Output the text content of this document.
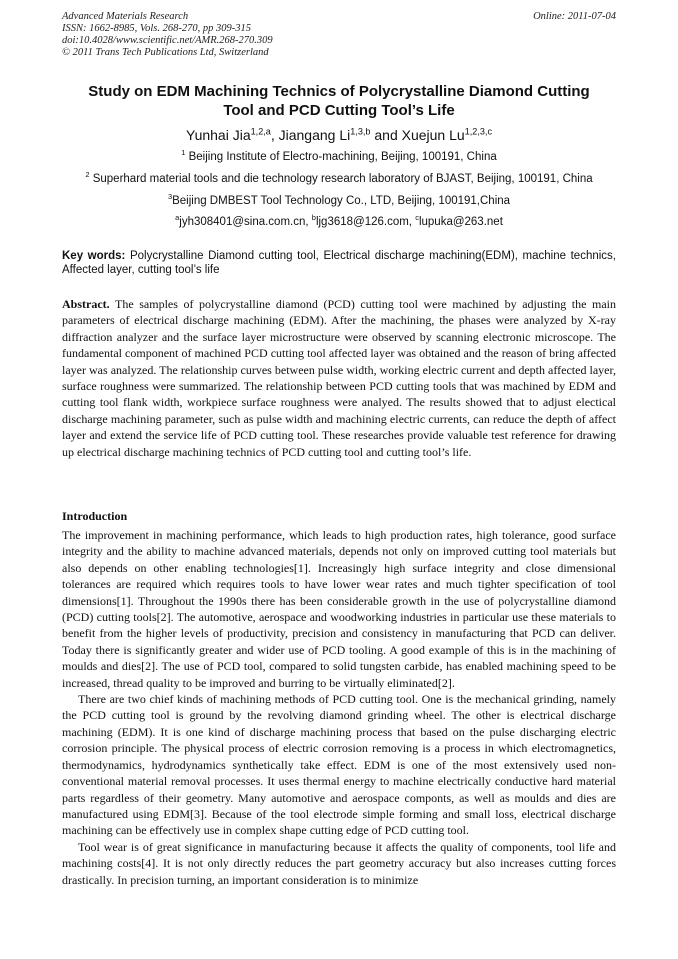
Advanced Materials Research
ISSN: 1662-8985, Vols. 268-270, pp 309-315
doi:10.4028/www.scientific.net/AMR.268-270.309
© 2011 Trans Tech Publications Ltd, Switzerland
Online: 2011-07-04
Study on EDM Machining Technics of Polycrystalline Diamond Cutting
Tool and PCD Cutting Tool’s Life
Yunhai Jia$^{1,2,a}$, Jiangang Li$^{1,3,b}$ and Xuejun Lu$^{1,2,3,c}$
$^1$ Beijing Institute of Electro-machining, Beijing, 100191, China
$^2$ Superhard material tools and die technology research laboratory of BJAST, Beijing, 100191, China
$^3$Beijing DMBEST Tool Technology Co., LTD, Beijing, 100191,China
$^a$jyh308401@sina.com.cn, $^b$ljg3618@126.com, $^c$lupuka@263.net
Key words: Polycrystalline Diamond cutting tool, Electrical discharge machining(EDM), machine technics, Affected layer, cutting tool’s life
Abstract. The samples of polycrystalline diamond (PCD) cutting tool were machined by adjusting the main parameters of electrical discharge machining (EDM). After the machining, the phases were analyzed by X-ray diffraction analyzer and the surface layer microstructure were observed by scanning electronic microscope. The fundamental component of machined PCD cutting tool affected layer was obtained and the reason of bring affected layer was analyzed. The relationship curves between pulse width, working electric current and depth affected layer, surface roughness were summarized. The relationship between PCD cutting tools that was machined by EDM and cutting tool flank width, workpiece surface roughness were analyed. The results showed that to adjust electical discharge machining parameter, such as pulse width and machining electric currents, can reduce the depth of affect layer and extend the service life of PCD cutting tool. These researches provide valuable test reference for drawing up electrical discharge machining technics of PCD cutting tool and cutting tool’s life.
Introduction

The improvement in machining performance, which leads to high production rates, high tolerance, good surface integrity and the ability to machine advanced materials, depends not only on improved cutting tool materials but also depends on other enabling technologies[1]. Increasingly high surface integrity and close dimensional tolerances are required which requires tools to have lower wear rates and much tighter specification of tool dimensions[1]. Throughout the 1990s there has been considerable growth in the use of polycrystalline diamond (PCD) cutting tools[2]. The automotive, aerospace and woodworking industries in particular use these materials to benefit from the higher levels of productivity, precision and consistency in manufacturing that PCD can deliver. Today there is significantly greater and wider use of PCD tooling. A good example of this is in the machining of moulds and dies[2]. The use of PCD tool, compared to solid tungsten carbide, has enabled machining speed to be increased, thread quality to be improved and burring to be virtually eliminated[2].

There are two chief kinds of machining methods of PCD cutting tool. One is the mechanical grinding, namely the PCD cutting tool is ground by the revolving diamond grinding wheel. The other is electrical discharge machining (EDM). It is one kind of discharge machining process that based on the pulse discharging electric corrosion principle. The physical process of electric corrosion removing is a process in which electromagnetics, thermodynamics, hydrodynamics synthetically take effect. EDM is one of the most extensively used non-conventional material removal processes. It uses thermal energy to machine electrically conductive hard material parts regardless of their geometry. Many automotive and aerospace componts, as well as moulds and dies are manufactured using EDM[3]. Because of the tool electrode simple forming and small loss, electrical discharge machining can be effectively use in complex shape cutting edge of PCD cutting tool.

Tool wear is of great significance in manufacturing because it affects the quality of components, tool life and machining costs[4]. It is not only directly reduces the part geometry accuracy but also increases cutting forces drastically. In precision turning, an important consideration is to minimize
